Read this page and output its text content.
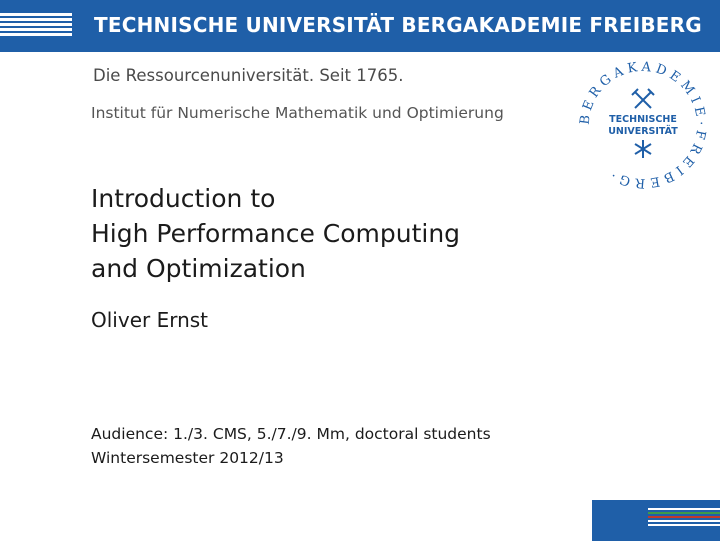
TECHNISCHE UNIVERSITÄT BERGAKADEMIE FREIBERG
Die Ressourcenuniversität. Seit 1765.
Institut für Numerische Mathematik und Optimierung	BERGAKADEMIE·FREIBERG·
TECHNISCHE
UNIVERSITÄT
Introduction to
High Performance Computing
and Optimization
Oliver Ernst
Audience: 1./3. CMS, 5./7./9. Mm, doctoral students
Wintersemester 2012/13
